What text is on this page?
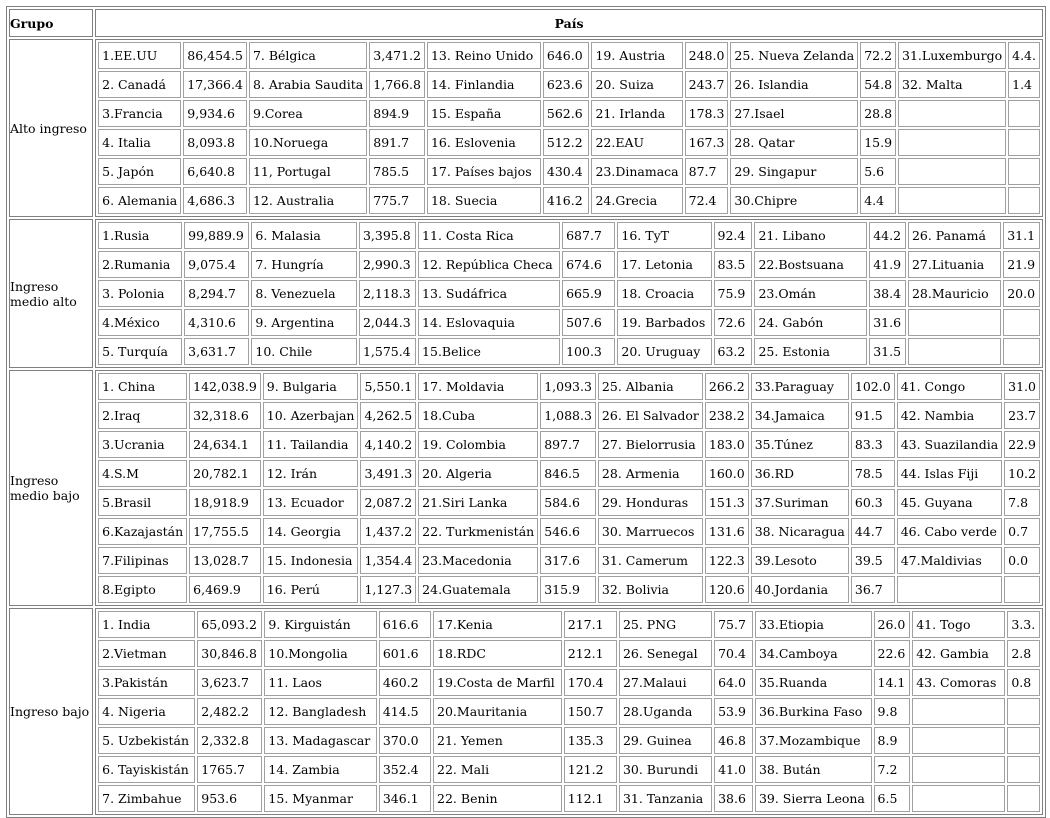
Grupo	País
Alto ingreso	
1.EE.UU	86,454.5	7. Bélgica	3,471.2	13. Reino Unido	646.0	19. Austria	248.0	25. Nueva Zelanda	72.2	31.Luxemburgo	4.4.
2. Canadá	17,366.4	8. Arabia Saudita	1,766.8	14. Finlandia	623.6	20. Suiza	243.7	26. Islandia	54.8	32. Malta	1.4
3.Francia	9,934.6	9.Corea	894.9	15. España	562.6	21. Irlanda	178.3	27.Isael	28.8		
4. Italia	8,093.8	10.Noruega	891.7	16. Eslovenia	512.2	22.EAU	167.3	28. Qatar	15.9		
5. Japón	6,640.8	11, Portugal	785.5	17. Países bajos	430.4	23.Dinamaca	87.7	29. Singapur	5.6		
6. Alemania	4,686.3	12. Australia	775.7	18. Suecia	416.2	24.Grecia	72.4	30.Chipre	4.4		

Ingreso medio alto	
1.Rusia	99,889.9	6. Malasia	3,395.8	11. Costa Rica	687.7	16. TyT	92.4	21. Libano	44.2	26. Panamá	31.1
2.Rumania	9,075.4	7. Hungría	2,990.3	12. República Checa	674.6	17. Letonia	83.5	22.Bostsuana	41.9	27.Lituania	21.9
3. Polonia	8,294.7	8. Venezuela	2,118.3	13. Sudáfrica	665.9	18. Croacia	75.9	23.Omán	38.4	28.Mauricio	20.0
4.México	4,310.6	9. Argentina	2,044.3	14. Eslovaquia	507.6	19. Barbados	72.6	24. Gabón	31.6		
5. Turquía	3,631.7	10. Chile	1,575.4	15.Belice	100.3	20. Uruguay	63.2	25. Estonia	31.5		

Ingreso medio bajo	
1. China	142,038.9	9. Bulgaria	5,550.1	17. Moldavia	1,093.3	25. Albania	266.2	33.Paraguay	102.0	41. Congo	31.0
2.Iraq	32,318.6	10. Azerbajan	4,262.5	18.Cuba	1,088.3	26. El Salvador	238.2	34.Jamaica	91.5	42. Nambia	23.7
3.Ucrania	24,634.1	11. Tailandia	4,140.2	19. Colombia	897.7	27. Bielorrusia	183.0	35.Túnez	83.3	43. Suazilandia	22.9
4.S.M	20,782.1	12. Irán	3,491.3	20. Algeria	846.5	28. Armenia	160.0	36.RD	78.5	44. Islas Fiji	10.2
5.Brasil	18,918.9	13. Ecuador	2,087.2	21.Siri Lanka	584.6	29. Honduras	151.3	37.Suriman	60.3	45. Guyana	7.8
6.Kazajastán	17,755.5	14. Georgia	1,437.2	22. Turkmenistán	546.6	30. Marruecos	131.6	38. Nicaragua	44.7	46. Cabo verde	0.7
7.Filipinas	13,028.7	15. Indonesia	1,354.4	23.Macedonia	317.6	31. Camerum	122.3	39.Lesoto	39.5	47.Maldivias	0.0
8.Egipto	6,469.9	16. Perú	1,127.3	24.Guatemala	315.9	32. Bolivia	120.6	40.Jordania	36.7		

Ingreso bajo	
1. India	65,093.2	9. Kirguistán	616.6	17.Kenia	217.1	25. PNG	75.7	33.Etiopia	26.0	41. Togo	3.3.
2.Vietman	30,846.8	10.Mongolia	601.6	18.RDC	212.1	26. Senegal	70.4	34.Camboya	22.6	42. Gambia	2.8
3.Pakistán	3,623.7	11. Laos	460.2	19.Costa de Marfil	170.4	27.Malaui	64.0	35.Ruanda	14.1	43. Comoras	0.8
4. Nigeria	2,482.2	12. Bangladesh	414.5	20.Mauritania	150.7	28.Uganda	53.9	36.Burkina Faso	9.8		
5. Uzbekistán	2,332.8	13. Madagascar	370.0	21. Yemen	135.3	29. Guinea	46.8	37.Mozambique	8.9		
6. Tayiskistán	1765.7	14. Zambia	352.4	22. Mali	121.2	30. Burundi	41.0	38. Bután	7.2		
7. Zimbahue	953.6	15. Myanmar	346.1	22. Benin	112.1	31. Tanzania	38.6	39. Sierra Leona	6.5		
